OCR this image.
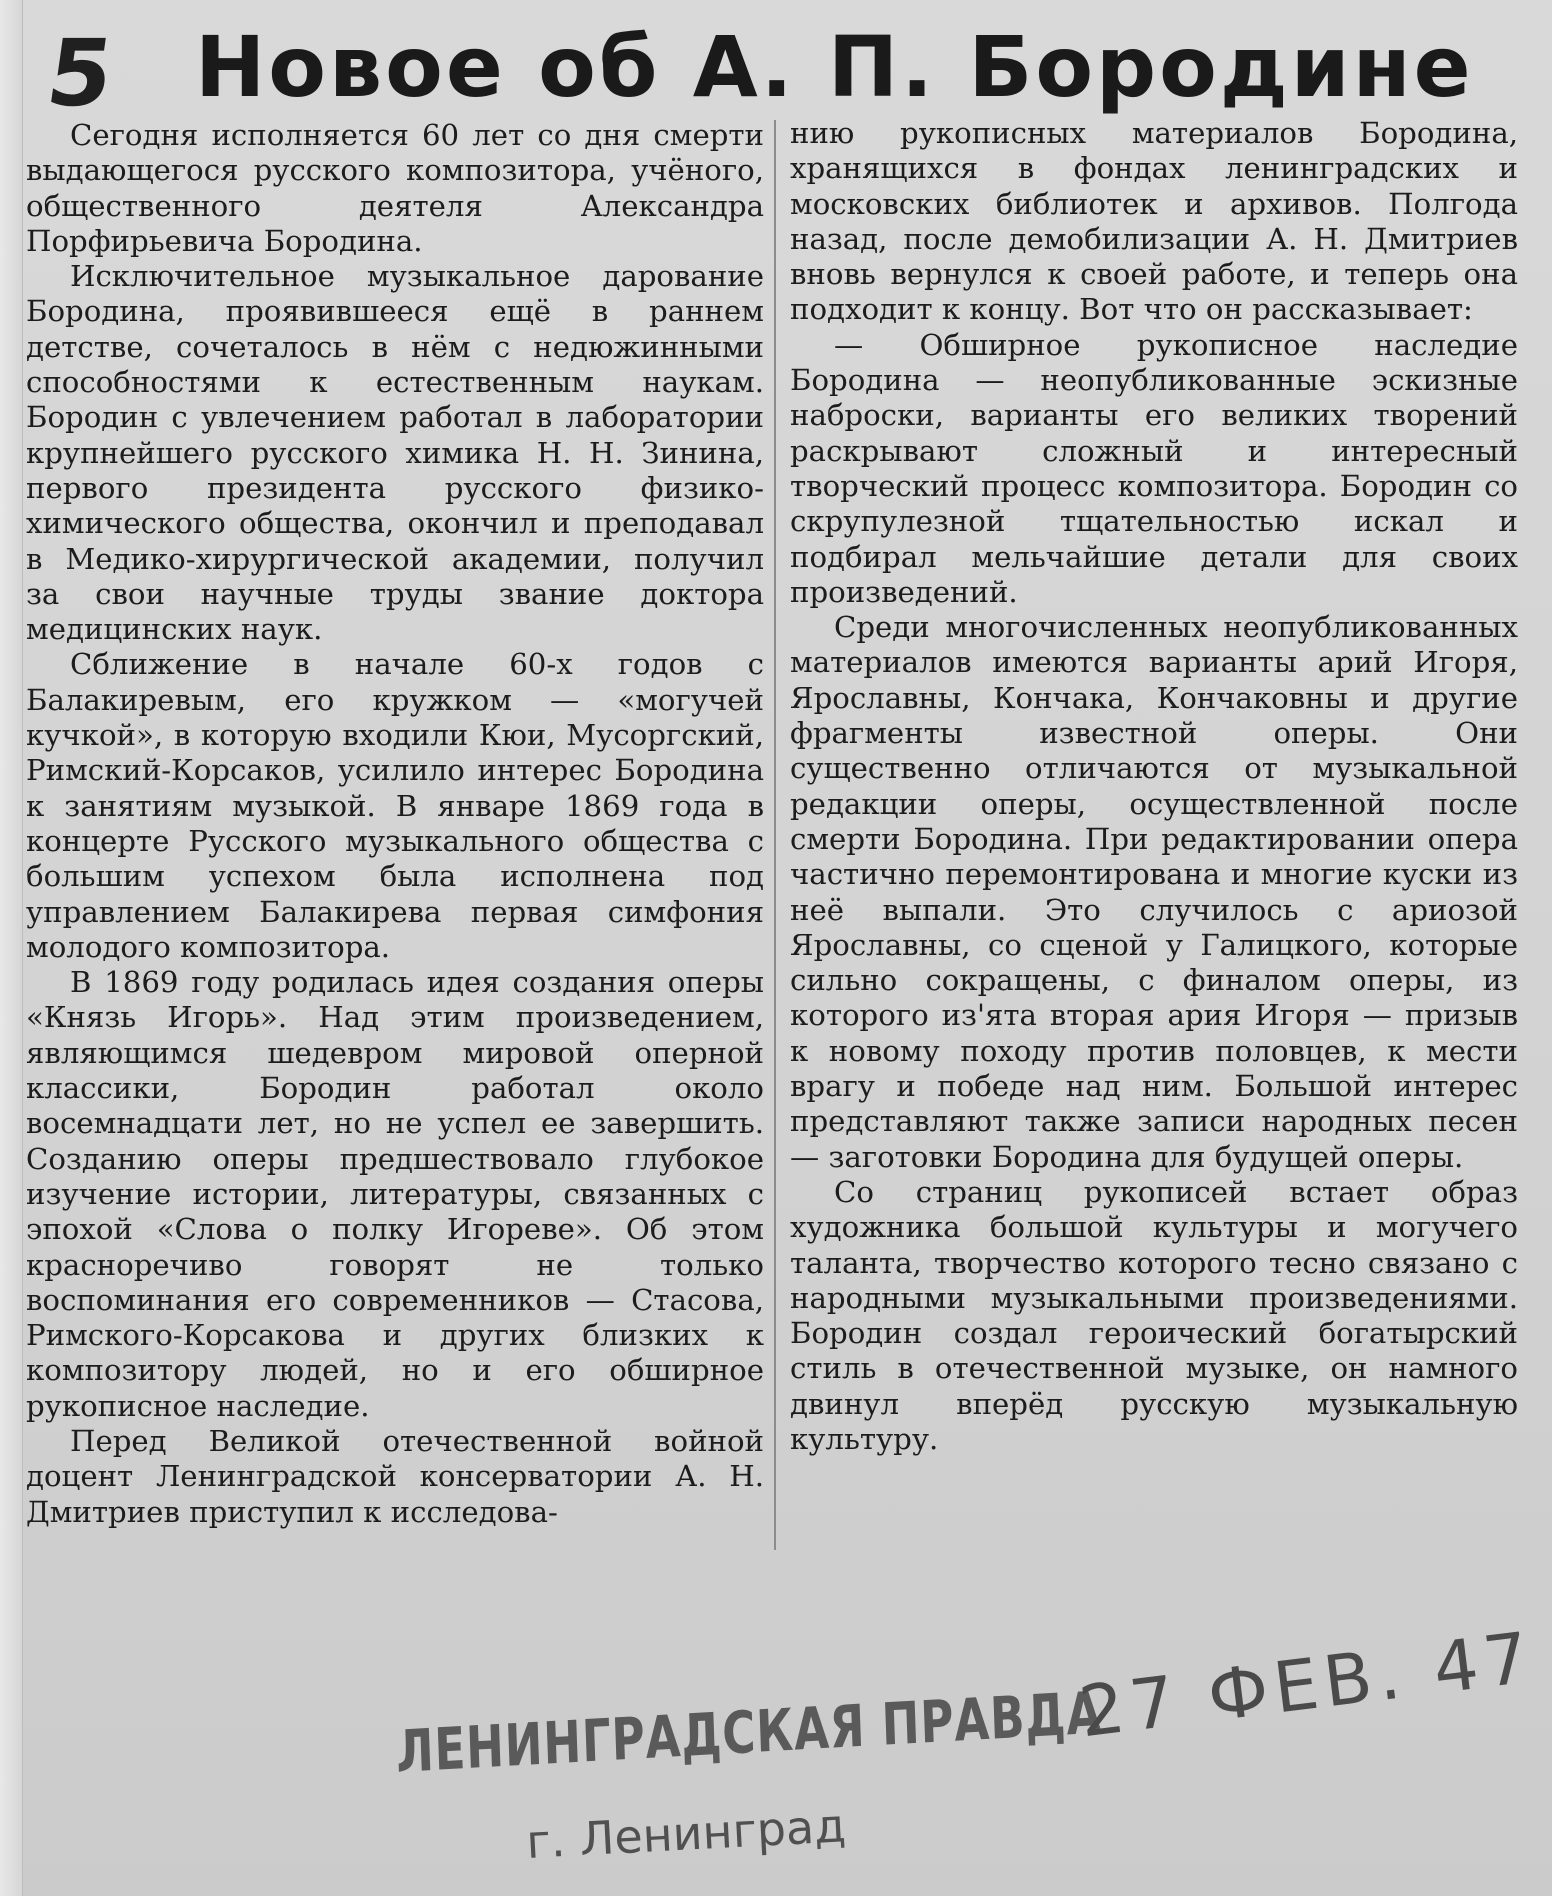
5 Новое об А. П. Бородине

Сегодня исполняется 60 лет со дня смерти выдающегося русского композитора, учёного, общественного деятеля Александра Порфирьевича Бородина.

Исключительное музыкальное дарование Бородина, проявившееся ещё в раннем детстве, сочеталось в нём с недюжинными способностями к естественным наукам. Бородин с увлечением работал в лаборатории крупнейшего русского химика Н. Н. Зинина, первого президента русского физико-химического общества, окончил и преподавал в Медико-хирургической академии, получил за свои научные труды звание доктора медицинских наук.

Сближение в начале 60-х годов с Балакиревым, его кружком — «могучей кучкой», в которую входили Кюи, Мусоргский, Римский-Корсаков, усилило интерес Бородина к занятиям музыкой. В январе 1869 года в концерте Русского музыкального общества с большим успехом была исполнена под управлением Балакирева первая симфония молодого композитора.

В 1869 году родилась идея создания оперы «Князь Игорь». Над этим произведением, являющимся шедевром мировой оперной классики, Бородин работал около восемнадцати лет, но не успел ее завершить. Созданию оперы предшествовало глубокое изучение истории, литературы, связанных с эпохой «Слова о полку Игореве». Об этом красноречиво говорят не только воспоминания его современников — Стасова, Римского-Корсакова и других близких к композитору людей, но и его обширное рукописное наследие.

Перед Великой отечественной войной доцент Ленинградской консерватории А. Н. Дмитриев приступил к исследова-

нию рукописных материалов Бородина, хранящихся в фондах ленинградских и московских библиотек и архивов. Полгода назад, после демобилизации А. Н. Дмитриев вновь вернулся к своей работе, и теперь она подходит к концу. Вот что он рассказывает:

— Обширное рукописное наследие Бородина — неопубликованные эскизные наброски, варианты его великих творений раскрывают сложный и интересный творческий процесс композитора. Бородин со скрупулезной тщательностью искал и подбирал мельчайшие детали для своих произведений.

Среди многочисленных неопубликованных материалов имеются варианты арий Игоря, Ярославны, Кончака, Кончаковны и другие фрагменты известной оперы. Они существенно отличаются от музыкальной редакции оперы, осуществленной после смерти Бородина. При редактировании опера частично перемонтирована и многие куски из неё выпали. Это случилось с ариозой Ярославны, со сценой у Галицкого, которые сильно сокращены, с финалом оперы, из которого из'ята вторая ария Игоря — призыв к новому походу против половцев, к мести врагу и победе над ним. Большой интерес представляют также записи народных песен — заготовки Бородина для будущей оперы.

Со страниц рукописей встает образ художника большой культуры и могучего таланта, творчество которого тесно связано с народными музыкальными произведениями. Бородин создал героический богатырский стиль в отечественной музыке, он намного двинул вперёд русскую музыкальную культуру.

ЛЕНИНГРАДСКАЯ ПРАВДА
г. Ленинград
27 ФЕВ. 47
